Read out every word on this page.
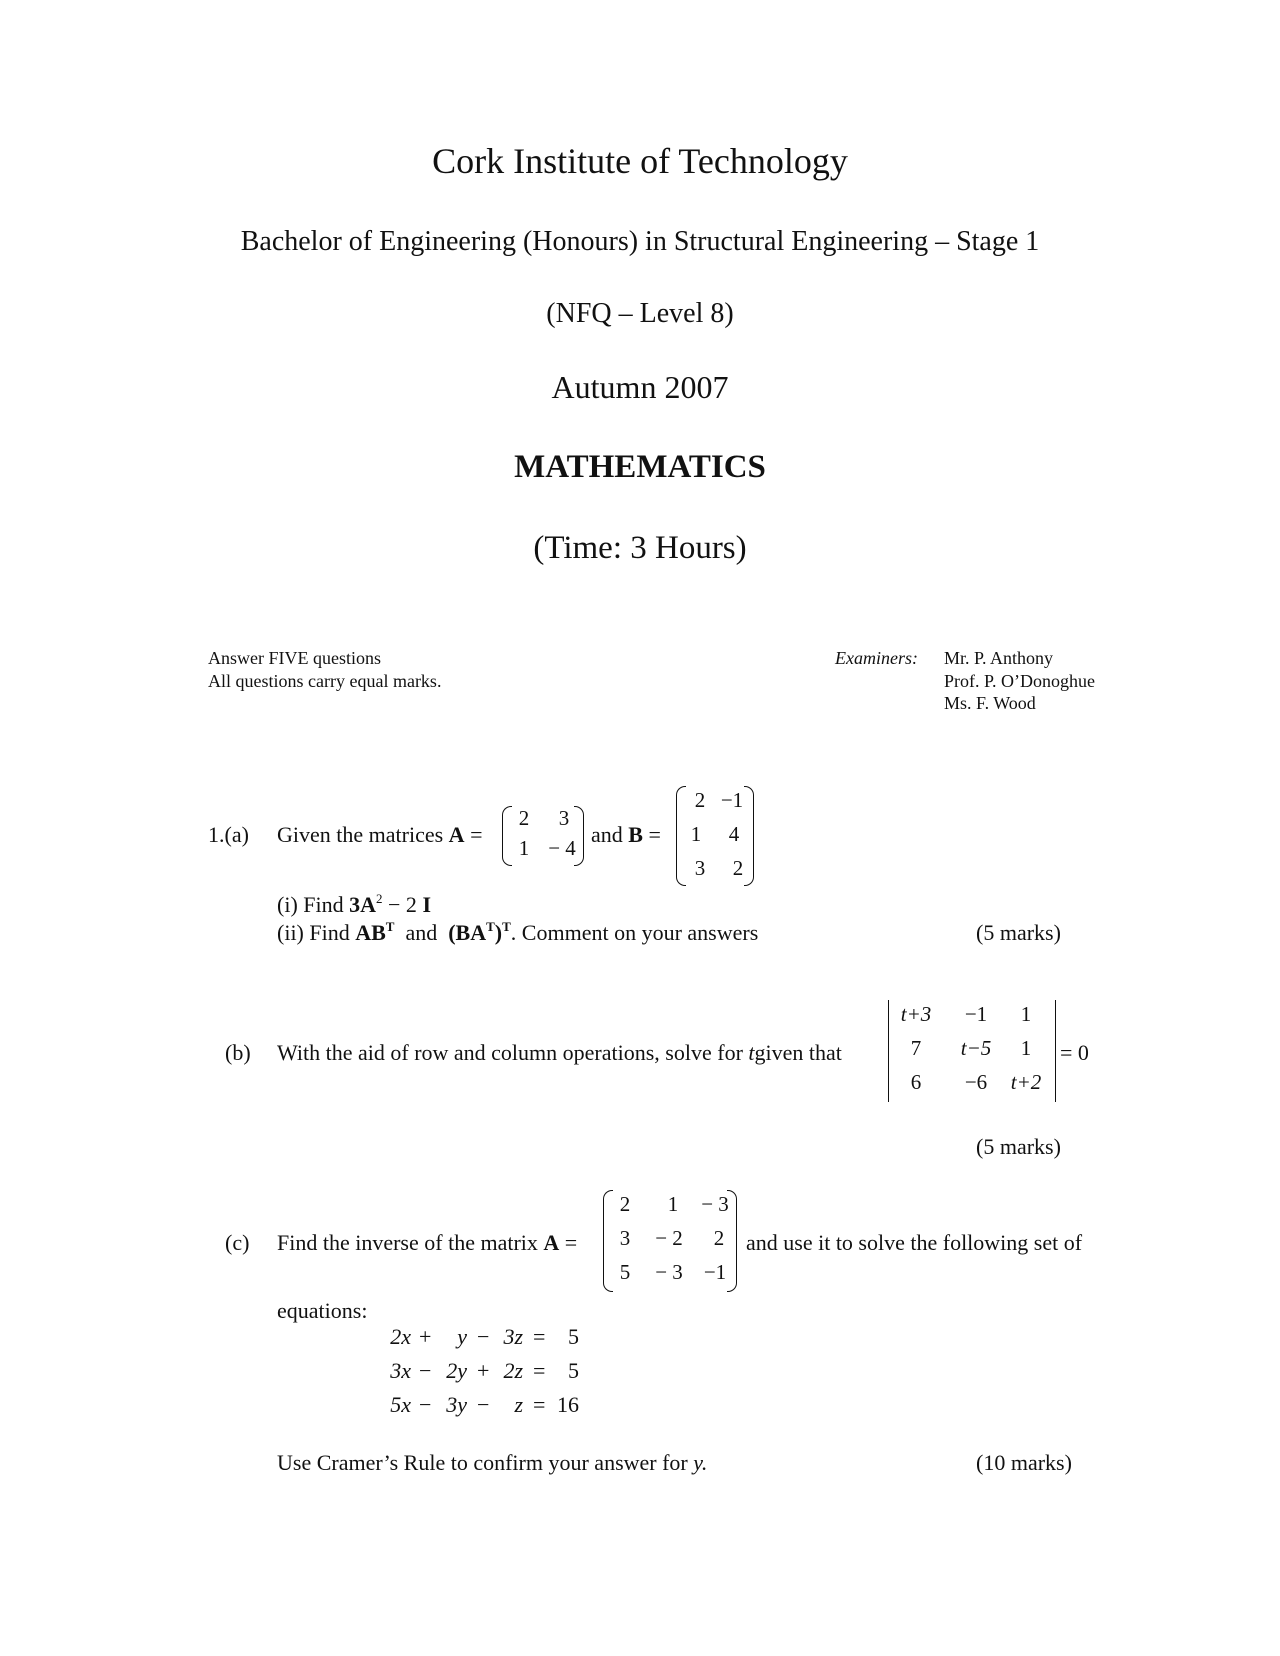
Cork Institute of Technology
Bachelor of Engineering (Honours) in Structural Engineering – Stage 1
(NFQ – Level 8)
Autumn 2007
MATHEMATICS
(Time: 3 Hours)
Answer FIVE questions
All questions carry equal marks.
Examiners: Mr. P. Anthony
Prof. P. O’Donoghue
Ms. F. Wood
1.(a) Given the matrices A =
2	3
1 − 4
and B =
2 −1
1	4
3	2
(i) Find $3A^2 - 2$ I
(ii) Find $AB^T$ and $(BA^T)^T$. Comment on your answers	(5 marks)
(b) With the aid of row and column operations, solve for tgiven that
t+3	−1	1
7	t−5	1
6	−6	t+2
= 0
(5 marks)
(c) Find the inverse of the matrix A =
2	1	− 3
3	− 2	2
5	− 3	−1
and use it to solve the following set of
equations:
2x +	y − 3z =	5
3x − 2y + 2z =	5
5x − 3y −	z = 16
Use Cramer’s Rule to confirm your answer for y.	(10 marks)
